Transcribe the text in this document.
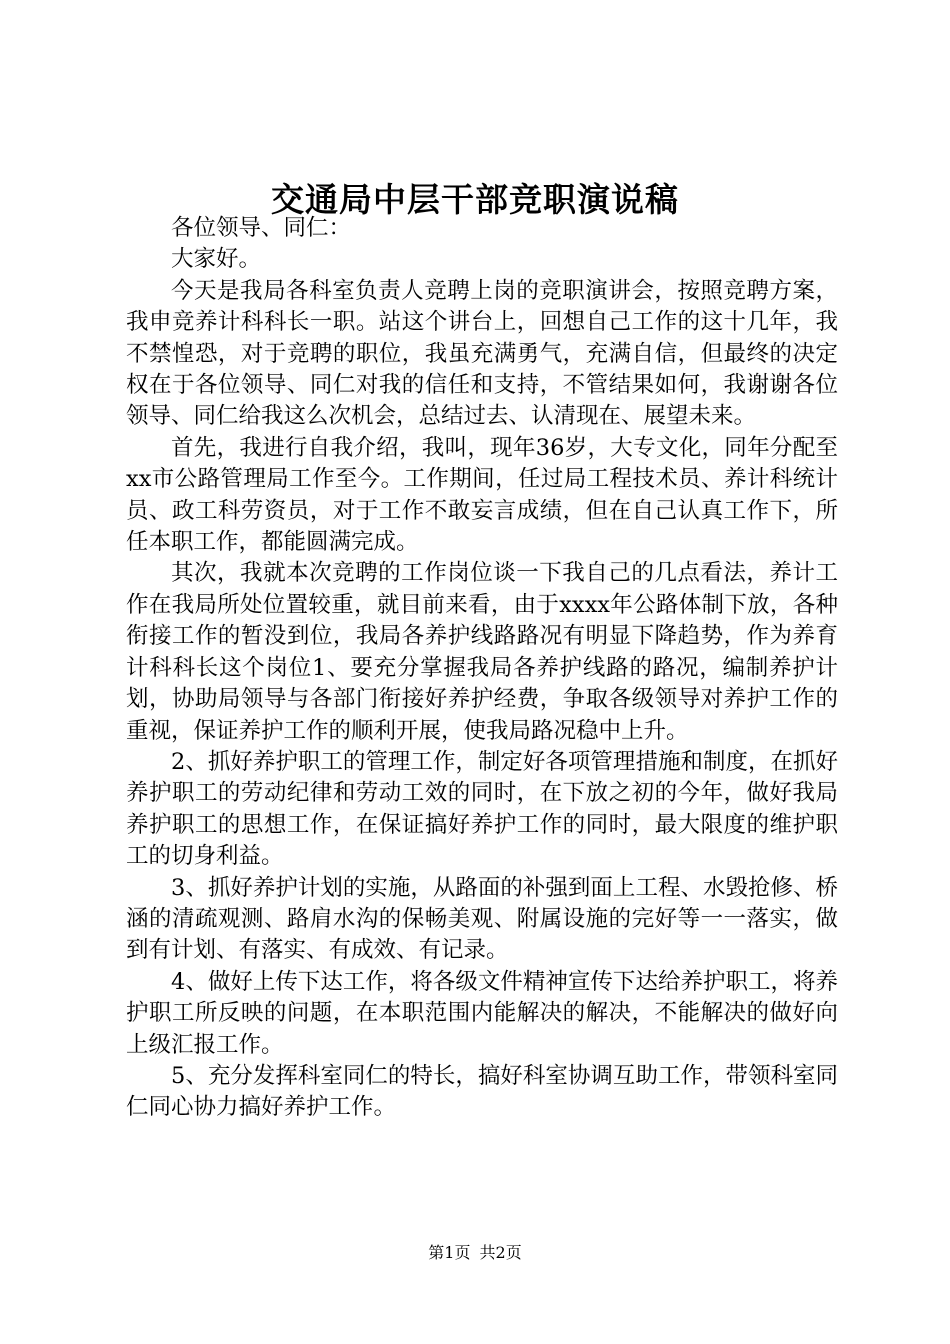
交通局中层干部竞职演说稿

各位领导、同仁：

大家好。

今天是我局各科室负责人竞聘上岗的竞职演讲会，按照竞聘方案，我申竞养计科科长一职。站这个讲台上，回想自己工作的这十几年，我不禁惶恐，对于竞聘的职位，我虽充满勇气，充满自信，但最终的决定权在于各位领导、同仁对我的信任和支持，不管结果如何，我谢谢各位领导、同仁给我这么次机会，总结过去、认清现在、展望未来。

首先，我进行自我介绍，我叫，现年36岁，大专文化，同年分配至xx市公路管理局工作至今。工作期间，任过局工程技术员、养计科统计员、政工科劳资员，对于工作不敢妄言成绩，但在自己认真工作下，所任本职工作，都能圆满完成。

其次，我就本次竞聘的工作岗位谈一下我自己的几点看法，养计工作在我局所处位置较重，就目前来看，由于xxxx年公路体制下放，各种衔接工作的暂没到位，我局各养护线路路况有明显下降趋势，作为养育计科科长这个岗位1、要充分掌握我局各养护线路的路况，编制养护计划，协助局领导与各部门衔接好养护经费，争取各级领导对养护工作的重视，保证养护工作的顺利开展，使我局路况稳中上升。

2、抓好养护职工的管理工作，制定好各项管理措施和制度，在抓好养护职工的劳动纪律和劳动工效的同时，在下放之初的今年，做好我局养护职工的思想工作，在保证搞好养护工作的同时，最大限度的维护职工的切身利益。

3、抓好养护计划的实施，从路面的补强到面上工程、水毁抢修、桥涵的清疏观测、路肩水沟的保畅美观、附属设施的完好等一一落实，做到有计划、有落实、有成效、有记录。

4、做好上传下达工作，将各级文件精神宣传下达给养护职工，将养护职工所反映的问题，在本职范围内能解决的解决，不能解决的做好向上级汇报工作。

5、充分发挥科室同仁的特长，搞好科室协调互助工作，带领科室同仁同心协力搞好养护工作。

第1页 共2页
